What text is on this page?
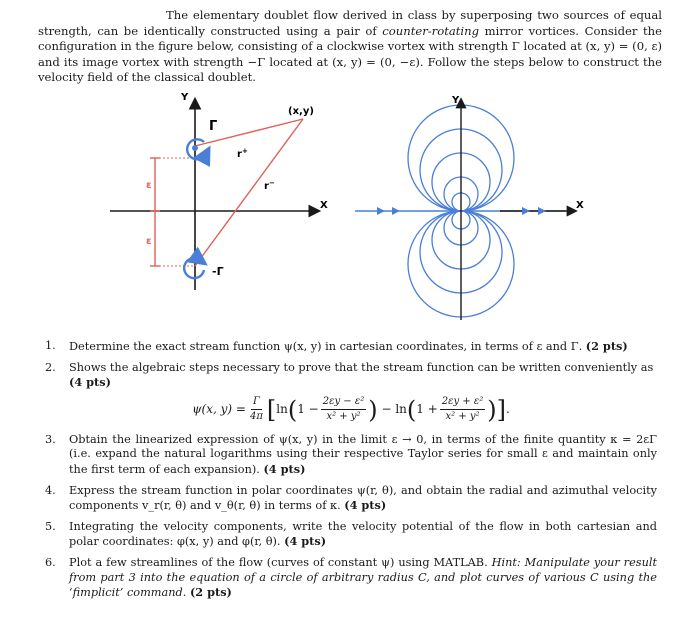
The elementary doublet flow derived in class by superposing two sources of equal strength, can be identically constructed using a pair of counter-rotating mirror vortices. Consider the configuration in the figure below, consisting of a clockwise vortex with strength Γ located at (x, y) = (0, ε) and its image vortex with strength −Γ located at (x, y) = (0, −ε). Follow the steps below to construct the velocity field of the classical doublet.
Y
X
ε
ε
(x,y)
r+
r−
Γ
-Γ
Y
X
1.	Determine the exact stream function ψ(x, y) in cartesian coordinates, in terms of ε and Γ. (2 pts)
2.	Shows the algebraic steps necessary to prove that the stream function can be written conveniently as
(4 pts)
ψ(x, $y) = \frac{\Gamma}{4\pi}$ [ ln ( $1 - \frac{\text{2εy − ε²}}{\text{x² + y²}}$ )
− ln ( $1 + \frac{\text{2εy + ε²}}{\text{x² + y²}}$ )] .
3.	Obtain the linearized expression of ψ(x, y) in the limit ε → 0, in terms of the finite quantity κ = 2εΓ (i.e. expand the natural logarithms using their respective Taylor series for small ε and maintain only the first term of each expansion). (4 pts)
4.	Express the stream function in polar coordinates ψ(r, θ), and obtain the radial and azimuthal velocity components v_r(r, θ) and v_θ(r, θ) in terms of κ. (4 pts)
5.	Integrating the velocity components, write the velocity potential of the flow in both cartesian and polar coordinates: φ(x, y) and φ(r, θ). (4 pts)
6.	Plot a few streamlines of the flow (curves of constant ψ) using MATLAB. Hint: Manipulate your result from part 3 into the equation of a circle of arbitrary radius C, and plot curves of various C using the ‘fimplicit’ command. (2 pts)
